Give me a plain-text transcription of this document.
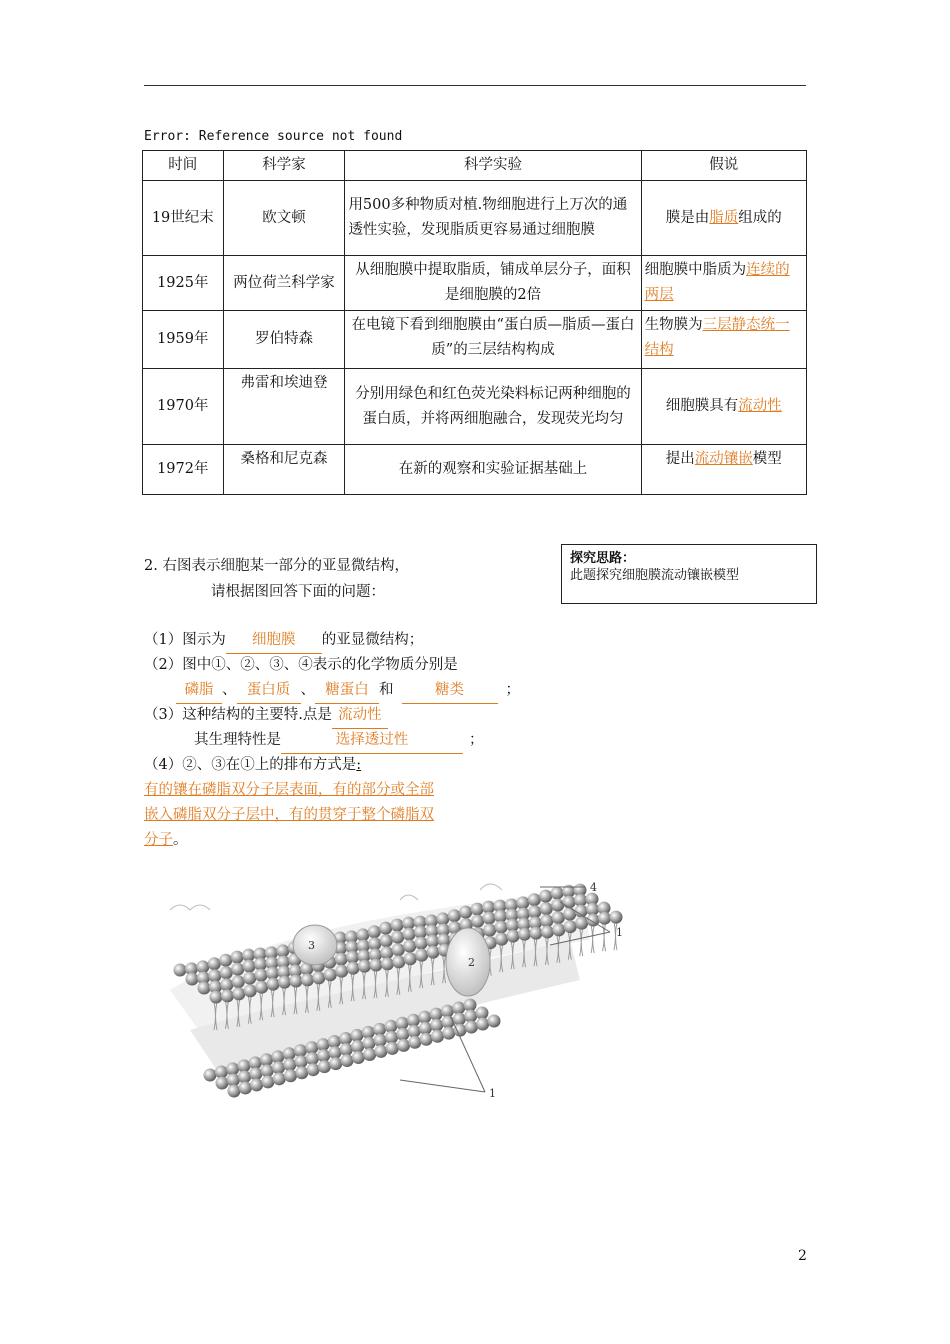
Error: Reference source not found
时间	科学家	科学实验	假说
19世纪末	欧文顿	用500多种物质对植.物细胞进行上万次的通透性实验，发现脂质更容易通过细胞膜	膜是由脂质组成的
1925年	两位荷兰科学家	从细胞膜中提取脂质，铺成单层分子，面积是细胞膜的2倍	细胞膜中脂质为连续的两层
1959年	罗伯特森	在电镜下看到细胞膜由“蛋白质—脂质—蛋白质”的三层结构构成	生物膜为三层静态统一结构
1970年	弗雷和埃迪登	分别用绿色和红色荧光染料标记两种细胞的蛋白质，并将两细胞融合，发现荧光均匀	细胞膜具有流动性
1972年	桑格和尼克森	在新的观察和实验证据基础上	提出流动镶嵌模型
2. 右图表示细胞某一部分的亚显微结构，
请根据图回答下面的问题：
探究思路：
此题探究细胞膜流动镶嵌模型
（1）图示为 细胞膜 的亚显微结构；
（2）图中①、②、③、④表示的化学物质分别是
磷脂 、 蛋白质 、 糖蛋白 和	糖类	；
（3）这种结构的主要特.点是 流动性
其生理特性是	选择透过性	；
（4）②、③在①上的排布方式是:
有的镶在磷脂双分子层表面，有的部分或全部
嵌入磷脂双分子层中，有的贯穿于整个磷脂双
分子。
1
2
3
4
1
2
